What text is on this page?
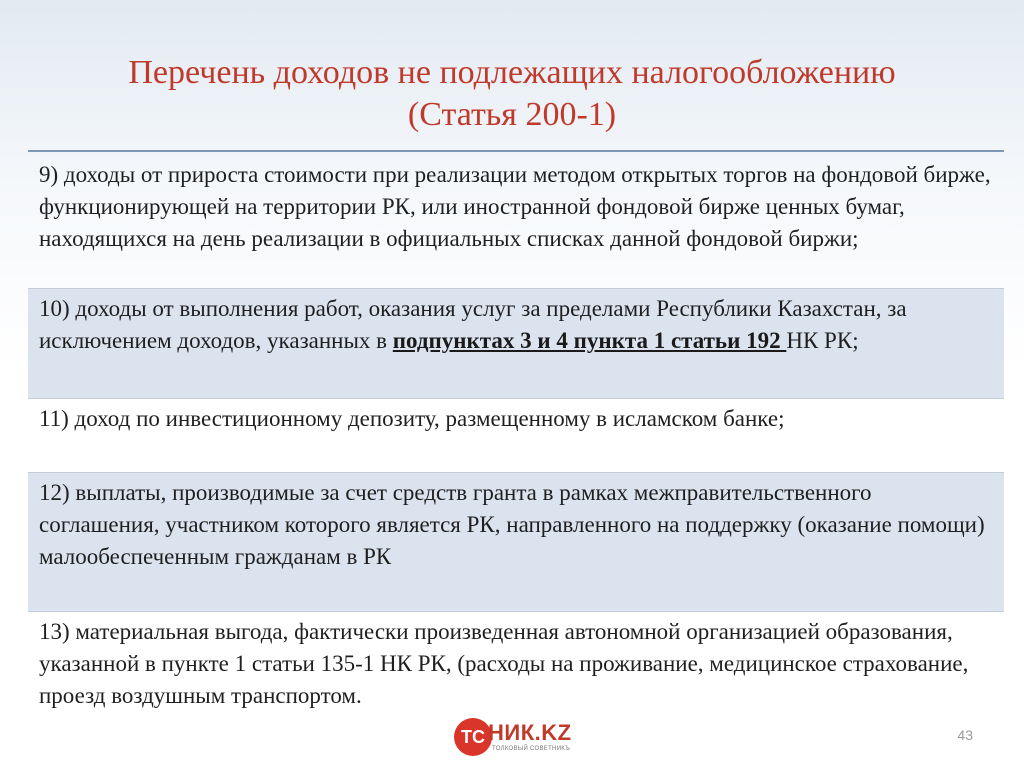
Перечень доходов не подлежащих налогообложению
(Статья 200-1)
9) доходы от прироста стоимости при реализации методом открытых торгов на фондовой бирже, функционирующей на территории РК, или иностранной фондовой бирже ценных бумаг, находящихся на день реализации в официальных списках данной фондовой биржи;
10) доходы от выполнения работ, оказания услуг за пределами Республики Казахстан, за исключением доходов, указанных в подпунктах 3 и 4 пункта 1 статьи 192 НК РК;
11) доход по инвестиционному депозиту, размещенному в исламском банке;
12) выплаты, производимые за счет средств гранта в рамках межправительственного соглашения, участником которого является РК, направленного на поддержку (оказание помощи) малообеспеченным гражданам в РК
13) материальная выгода, фактически произведенная автономной организацией образования, указанной в пункте 1 статьи 135-1 НК РК, (расходы на проживание, медицинское страхование, проезд воздушным транспортом.
TC НИК.KZ
ТОЛКОВЫЙ СОВЕТНИКЪ
43
